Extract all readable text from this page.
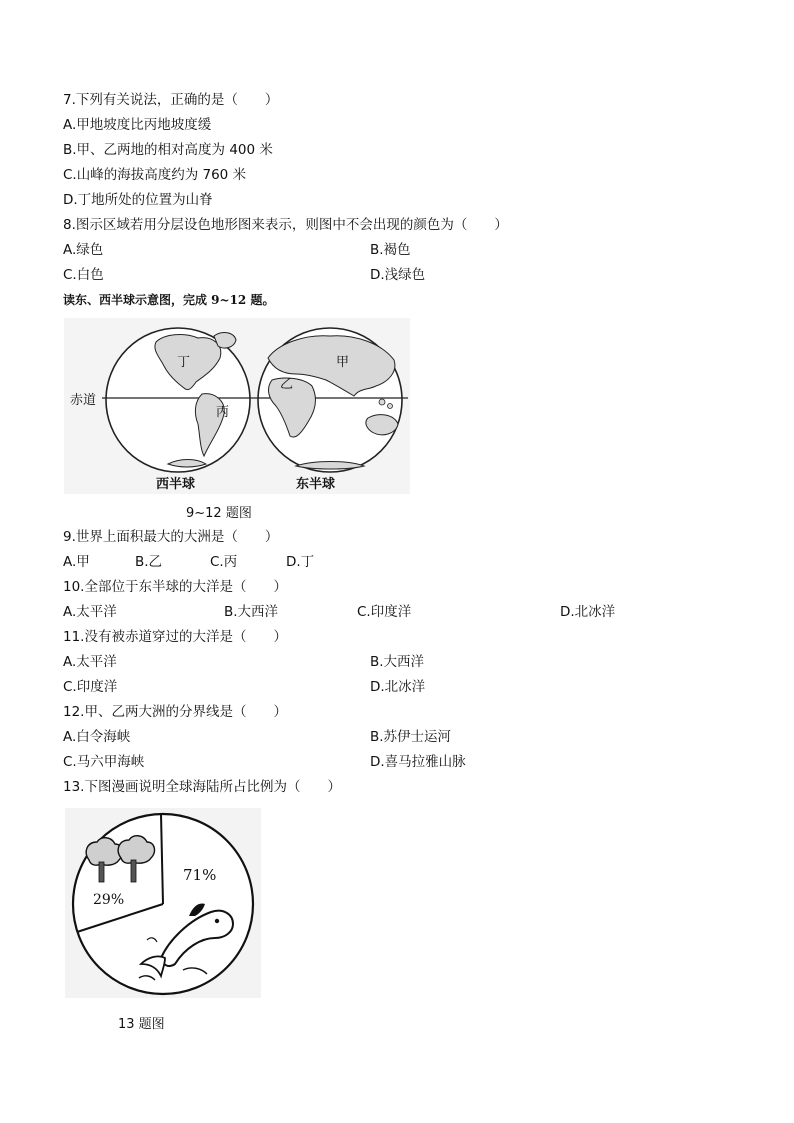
7.下列有关说法，正确的是（　　）
A.甲地坡度比丙地坡度缓
B.甲、乙两地的相对高度为 400 米
C.山峰的海拔高度约为 760 米
D.丁地所处的位置为山脊
8.图示区域若用分层设色地形图来表示，则图中不会出现的颜色为（　　）
A.绿色	B.褐色
C.白色	D.浅绿色
读东、西半球示意图，完成 9~12 题。
赤道
丁
丙
甲
乙
西半球	东半球
9~12 题图
9.世界上面积最大的大洲是（　　）
A.甲	B.乙	C.丙	D.丁
10.全部位于东半球的大洋是（　　）
A.太平洋	B.大西洋	C.印度洋	D.北冰洋
11.没有被赤道穿过的大洋是（　　）
A.太平洋	B.大西洋
C.印度洋	D.北冰洋
12.甲、乙两大洲的分界线是（　　）
A.白令海峡	B.苏伊士运河
C.马六甲海峡	D.喜马拉雅山脉
13.下图漫画说明全球海陆所占比例为（　　）
29%
71%
13 题图
